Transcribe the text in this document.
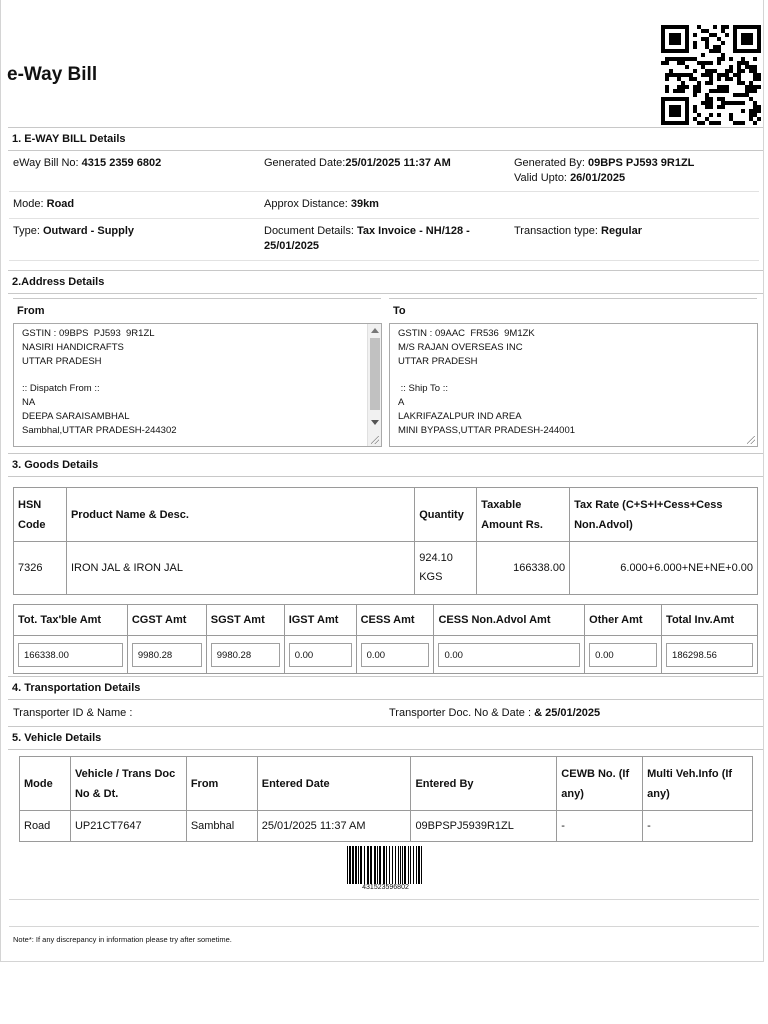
e-Way Bill
1. E-WAY BILL Details
eWay Bill No: 4315 2359 6802	Generated Date:25/01/2025 11:37 AM	Generated By: 09BPS PJ593 9R1ZL
Valid Upto: 26/01/2025
Mode: Road	Approx Distance: 39km
Type: Outward - Supply	Document Details: Tax Invoice - NH/128 -
25/01/2025
Transaction type: Regular
2.Address Details
From	To
GSTIN : 09BPS  PJ593  9R1ZL
NASIRI HANDICRAFTS
UTTAR PRADESH

:: Dispatch From ::
NA
DEEPA SARAISAMBHAL
Sambhal,UTTAR PRADESH-244302
GSTIN : 09AAC  FR536  9M1ZK
M/S RAJAN OVERSEAS INC
UTTAR PRADESH

:: Ship To ::
A
LAKRIFAZALPUR IND AREA
MINI BYPASS,UTTAR PRADESH-244001
3. Goods Details
HSN Code	Product Name & Desc.	Quantity	Taxable Amount Rs.	Tax Rate (C+S+I+Cess+Cess Non.Advol)
7326	IRON JAL & IRON JAL	924.10 KGS	166338.00	6.000+6.000+NE+NE+0.00
Tot. Tax'ble Amt	CGST Amt	SGST Amt	IGST Amt	CESS Amt	CESS Non.Advol Amt	Other Amt	Total Inv.Amt

166338.00	9980.28	9980.28	0.00	0.00	0.00	0.00	186298.56
4. Transportation Details
Transporter ID & Name :	Transporter Doc. No & Date : & 25/01/2025
5. Vehicle Details
Mode	Vehicle / Trans Doc No & Dt.	From	Entered Date	Entered By	CEWB No. (If any)	Multi Veh.Info (If any)
Road	UP21CT7647	Sambhal	25/01/2025 11:37 AM	09BPSPJ5939R1ZL	-	-
431523596802
Note*: If any discrepancy in information please try after sometime.
